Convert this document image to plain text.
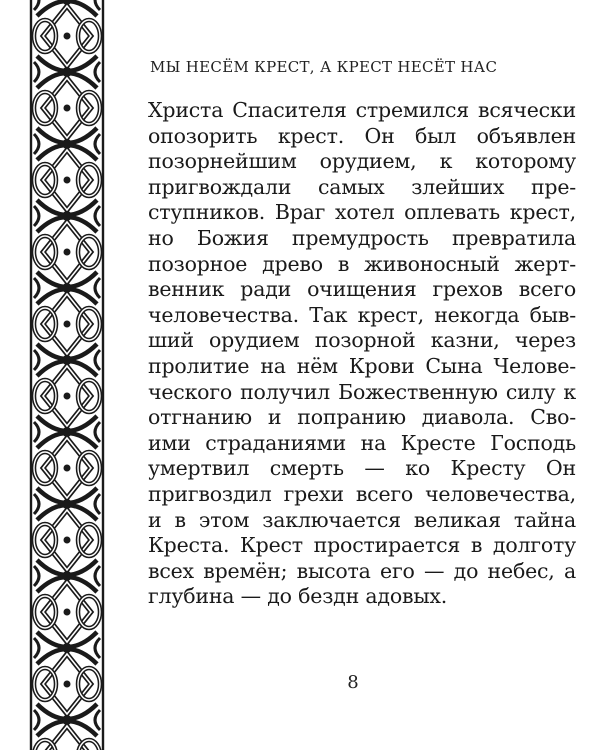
МЫ НЕСЁМ КРЕСТ, А КРЕСТ НЕСЁТ НАС
Христа Спасителя стремился всячески
опозорить крест. Он был объявлен
позорнейшим орудием, к которому
пригвождали самых злейших пре-
ступников. Враг хотел оплевать крест,
но Божия премудрость превратила
позорное древо в живоносный жерт-
венник ради очищения грехов всего
человечества. Так крест, некогда быв-
ший орудием позорной казни, через
пролитие на нём Крови Сына Челове-
ческого получил Божественную силу к
отгнанию и попранию диавола. Сво-
ими страданиями на Кресте Господь
умертвил смерть — ко Кресту Он
пригвоздил грехи всего человечества,
и в этом заключается великая тайна
Креста. Крест простирается в долготу
всех времён; высота его — до небес, а
глубина — до бездн адовых.
8
